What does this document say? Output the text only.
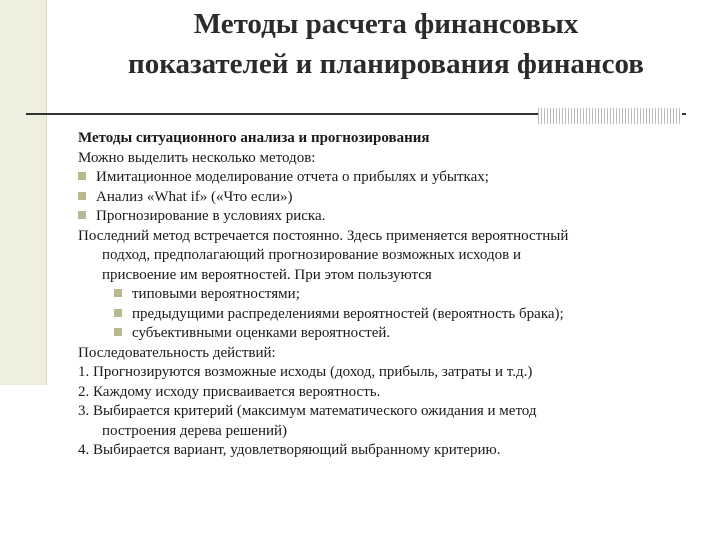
Методы расчета финансовых
показателей и планирования финансов
Методы ситуационного анализа и прогнозирования
Можно выделить несколько методов:
Имитационное моделирование отчета о прибылях и убытках;
Анализ «What if» («Что если»)
Прогнозирование в условиях риска.
Последний метод встречается постоянно. Здесь применяется вероятностный
подход, предполагающий прогнозирование возможных исходов и
присвоение им вероятностей. При этом пользуются
типовыми вероятностями;
предыдущими распределениями вероятностей (вероятность брака);
субъективными оценками вероятностей.
Последовательность действий:
1. Прогнозируются возможные исходы (доход, прибыль, затраты и т.д.)
2. Каждому исходу присваивается вероятность.
3. Выбирается критерий (максимум математического ожидания и метод
построения дерева решений)
4. Выбирается вариант, удовлетворяющий выбранному критерию.
